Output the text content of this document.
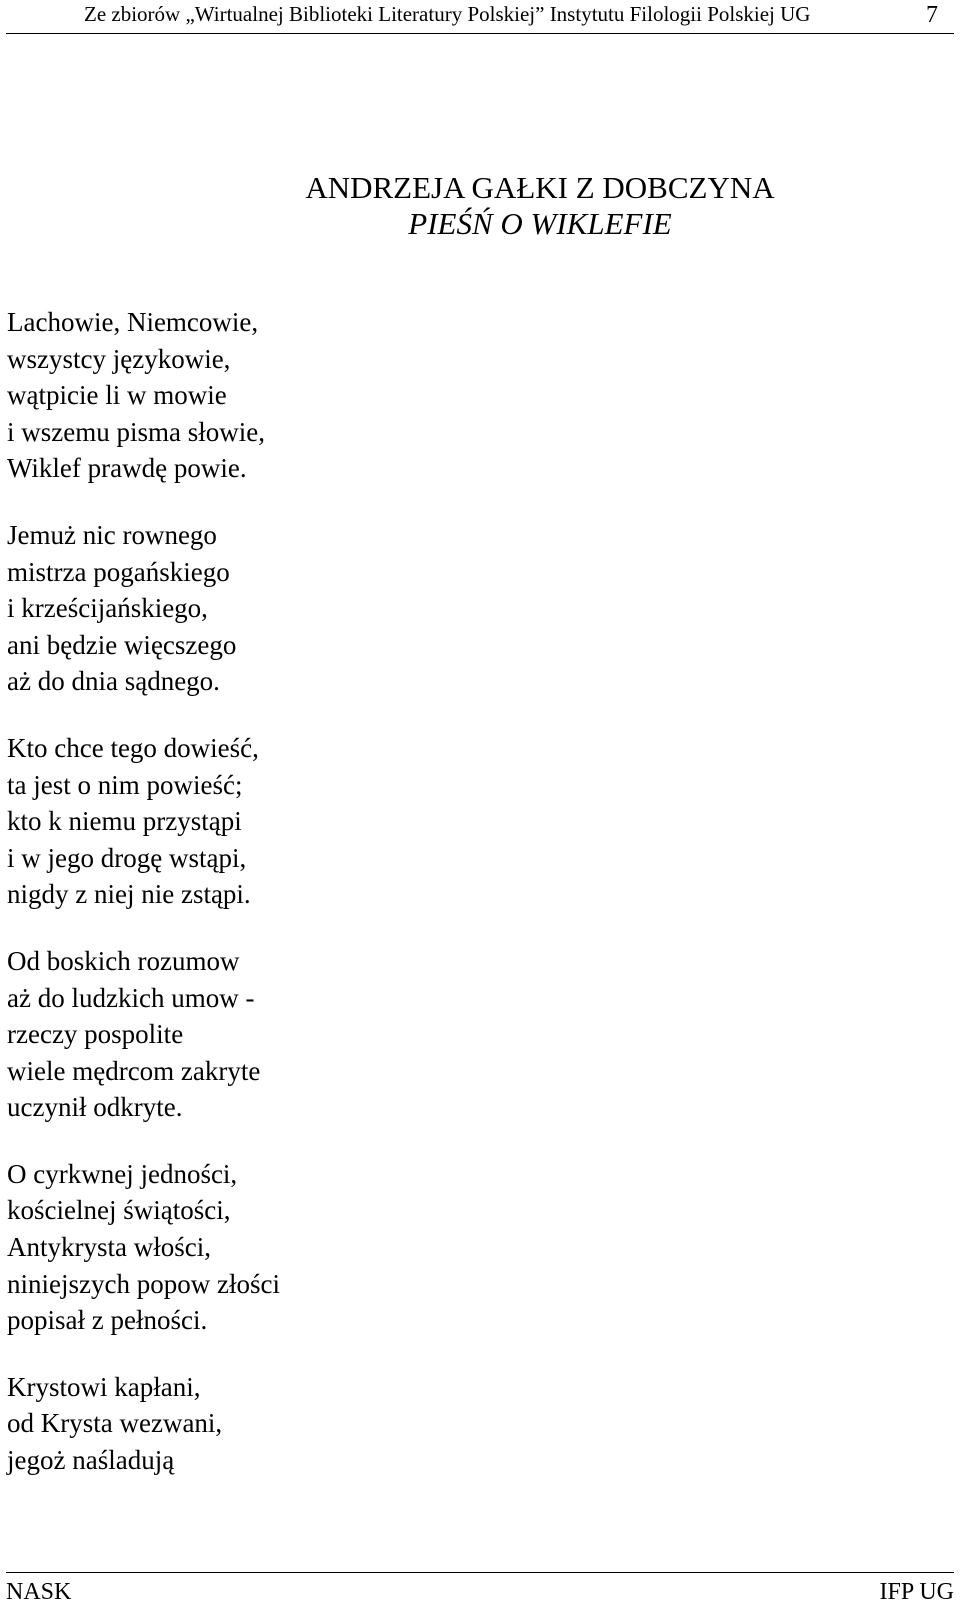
Ze zbiorów „Wirtualnej Biblioteki Literatury Polskiej” Instytutu Filologii Polskiej UG	7
ANDRZEJA GAŁKI Z DOBCZYNA
PIEŚŃ O WIKLEFIE
Lachowie, Niemcowie,
wszystcy językowie,
wątpicie li w mowie
i wszemu pisma słowie,
Wiklef prawdę powie.
Jemuż nic rownego
mistrza pogańskiego
i krześcijańskiego,
ani będzie więcszego
aż do dnia sądnego.
Kto chce tego dowieść,
ta jest o nim powieść;
kto k niemu przystąpi
i w jego drogę wstąpi,
nigdy z niej nie zstąpi.
Od boskich rozumow
aż do ludzkich umow -
rzeczy pospolite
wiele mędrcom zakryte
uczynił odkryte.
O cyrkwnej jedności,
kościelnej świątości,
Antykrysta włości,
niniejszych popow złości
popisał z pełności.
Krystowi kapłani,
od Krysta wezwani,
jegoż naśladują
NASK	IFP UG
